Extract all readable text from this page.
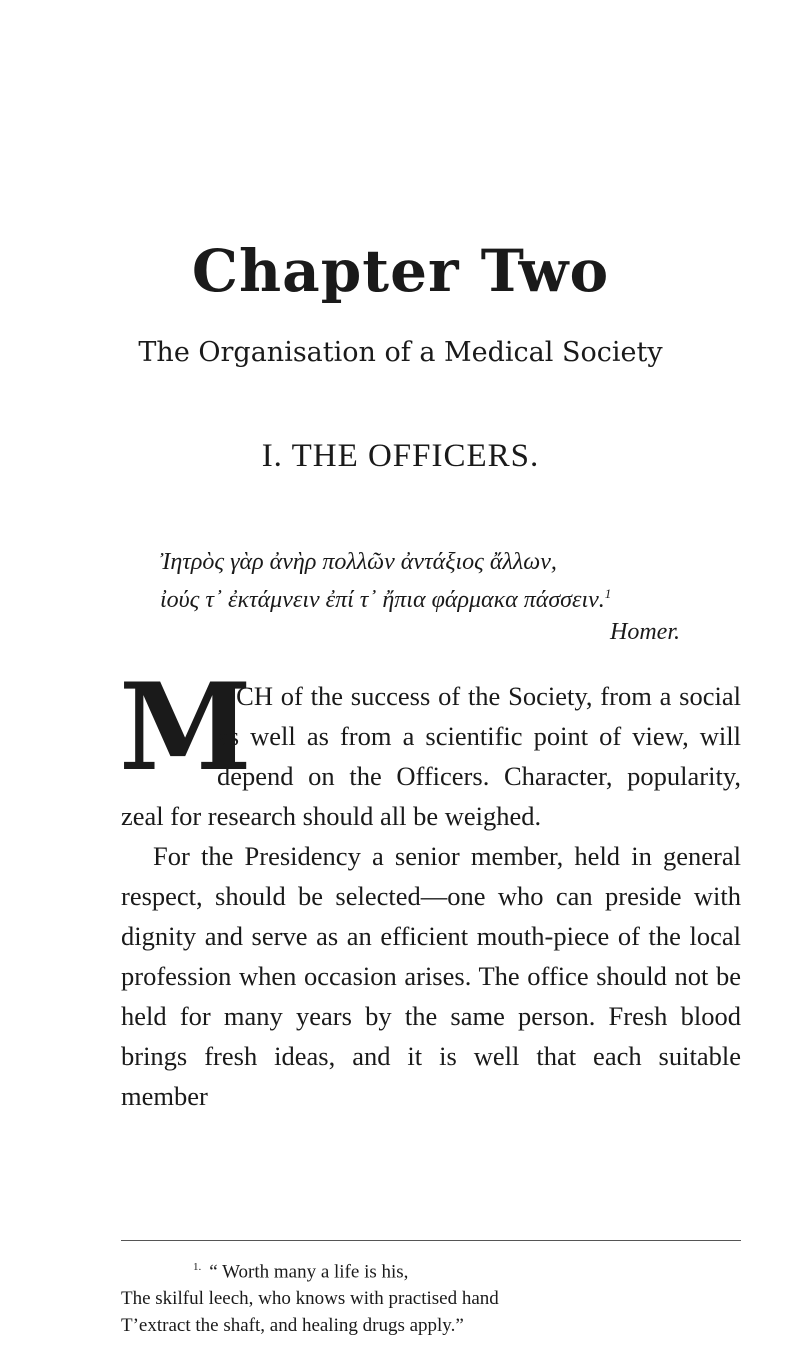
Chapter Two
The Organisation of a Medical Society
I. THE OFFICERS.

Ἰητρὸς γὰρ ἀνὴρ πολλῶν ἀντάξιος ἄλλων,

ἰούς τ᾽ ἐκτάμνειν ἐπί τ᾽ ἤπια φάρμακα πάσσειν.$^1$

Homer.

M
UCH of the success of the Society, from a social as well as from a scientific point of view, will depend on the Officers. Character, popularity, zeal for research should all be weighed.

For the Presidency a senior member, held in general respect, should be selected—one who can preside with dignity and serve as an efficient mouth-piece of the local profession when occasion arises. The office should not be held for many years by the same person. Fresh blood brings fresh ideas, and it is well that each suitable member

$^{1.}$ “ Worth many a life is his,

The skilful leech, who knows with practised hand

T’extract the shaft, and healing drugs apply.”
